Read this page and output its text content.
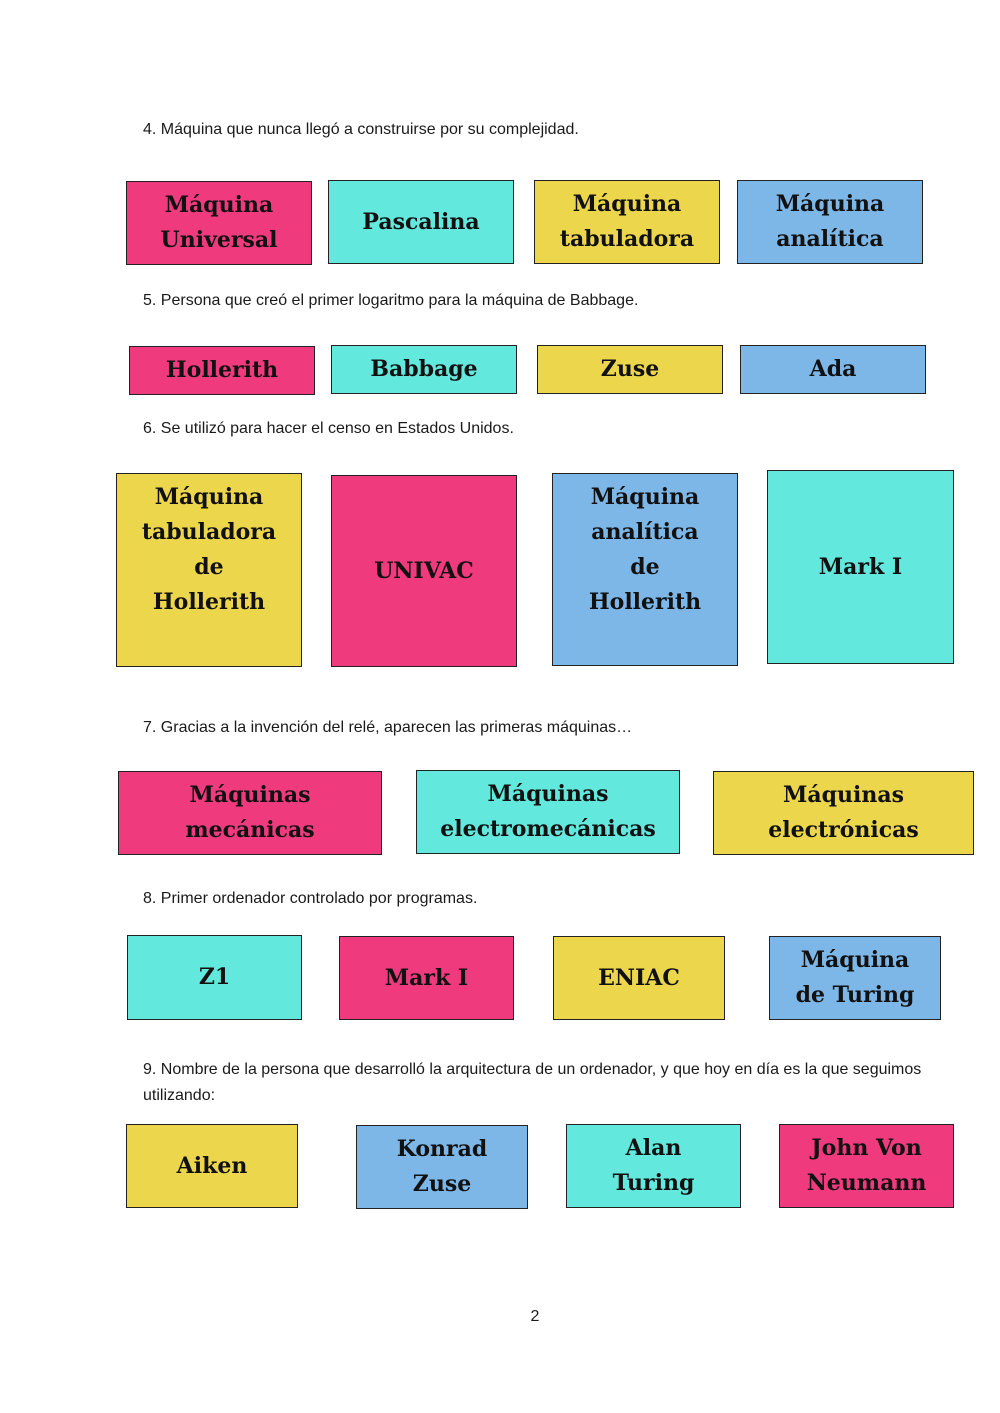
4. Máquina que nunca llegó a construirse por su complejidad.
Máquina
Universal
Pascalina
Máquina
tabuladora
Máquina
analítica
5. Persona que creó el primer logaritmo para la máquina de Babbage.
Hollerith	Babbage	Zuse	Ada
6. Se utilizó para hacer el censo en Estados Unidos.
Máquina
tabuladora
de
Hollerith
UNIVAC
Máquina
analítica
de
Hollerith
Mark I
7. Gracias a la invención del relé, aparecen las primeras máquinas…
Máquinas
mecánicas
Máquinas
electromecánicas
Máquinas
electrónicas
8. Primer ordenador controlado por programas.
Z1	Mark I	ENIAC
Máquina
de Turing
9. Nombre de la persona que desarrolló la arquitectura de un ordenador, y que hoy en día es la que seguimos utilizando:
Aiken
Konrad
Zuse
Alan
Turing
John Von
Neumann
2
